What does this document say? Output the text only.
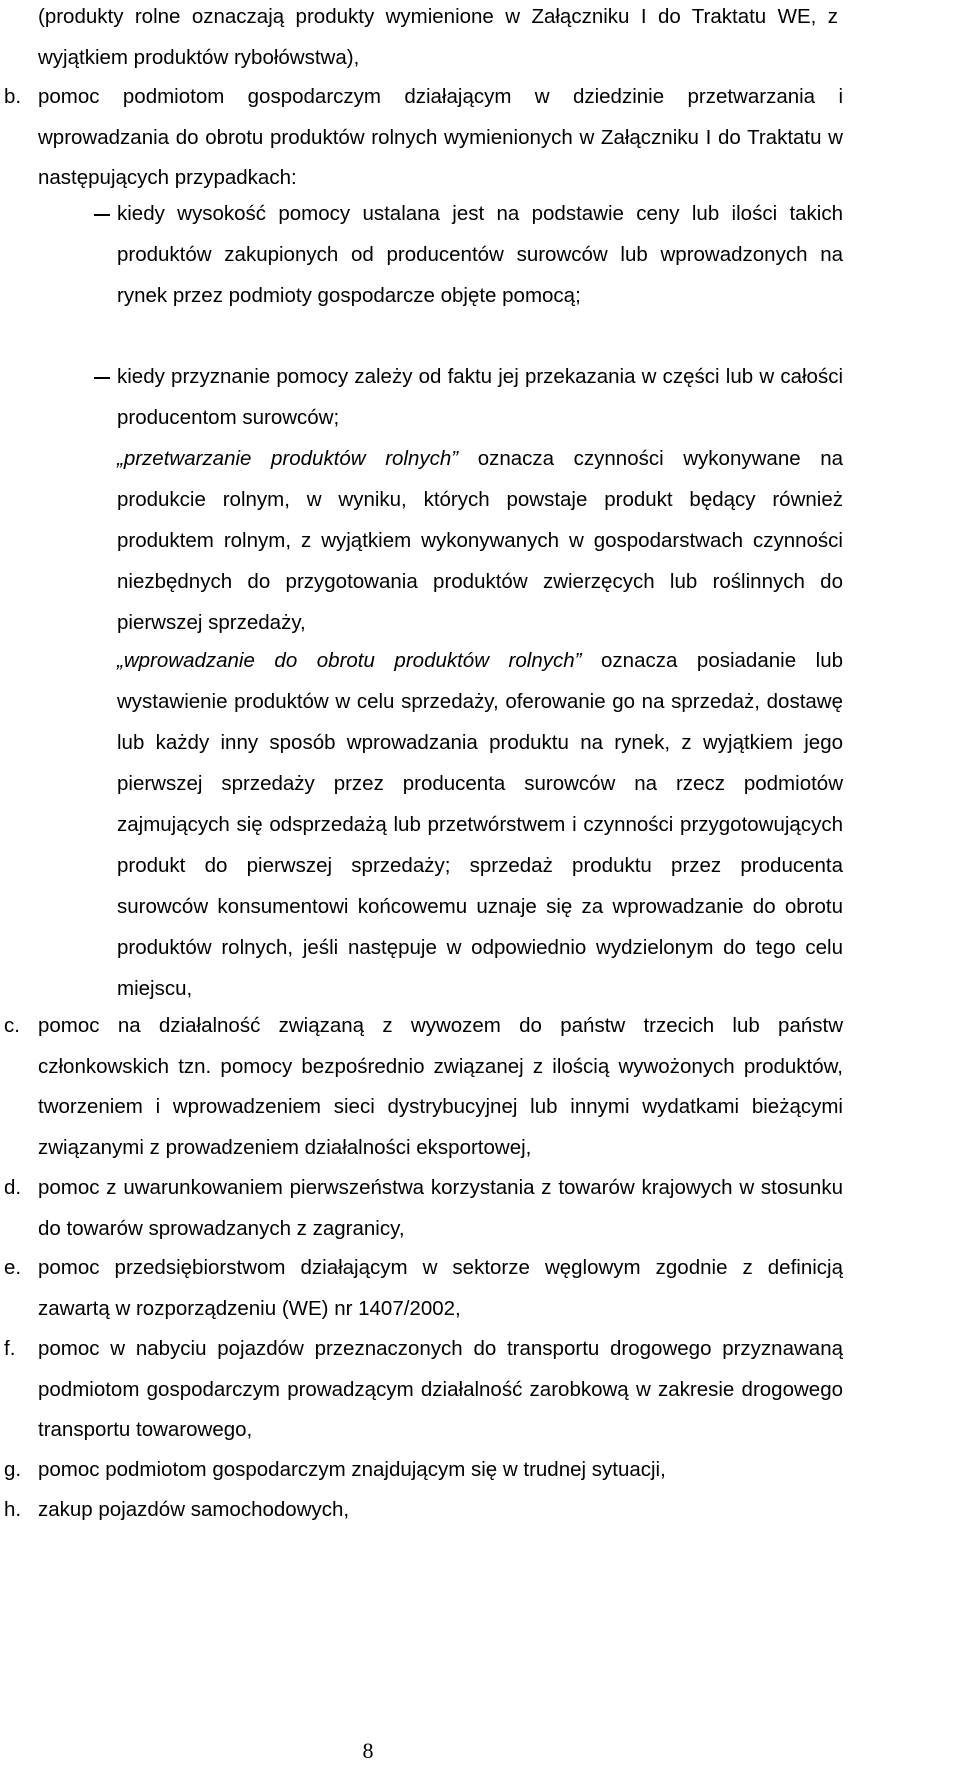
(produkty rolne oznaczają produkty wymienione w Załączniku I do Traktatu WE, z wyjątkiem produktów rybołówstwa),

b. pomoc podmiotom gospodarczym działającym w dziedzinie przetwarzania i wprowadzania do obrotu produktów rolnych wymienionych w Załączniku I do Traktatu w następujących przypadkach:

kiedy wysokość pomocy ustalana jest na podstawie ceny lub ilości takich produktów zakupionych od producentów surowców lub wprowadzonych na rynek przez podmioty gospodarcze objęte pomocą;

kiedy przyznanie pomocy zależy od faktu jej przekazania w części lub w całości producentom surowców;

„przetwarzanie produktów rolnych” oznacza czynności wykonywane na produkcie rolnym, w wyniku, których powstaje produkt będący również produktem rolnym, z wyjątkiem wykonywanych w gospodarstwach czynności niezbędnych do przygotowania produktów zwierzęcych lub roślinnych do pierwszej sprzedaży,

„wprowadzanie do obrotu produktów rolnych” oznacza posiadanie lub wystawienie produktów w celu sprzedaży, oferowanie go na sprzedaż, dostawę lub każdy inny sposób wprowadzania produktu na rynek, z wyjątkiem jego pierwszej sprzedaży przez producenta surowców na rzecz podmiotów zajmujących się odsprzedażą lub przetwórstwem i czynności przygotowujących produkt do pierwszej sprzedaży; sprzedaż produktu przez producenta surowców konsumentowi końcowemu uznaje się za wprowadzanie do obrotu produktów rolnych, jeśli następuje w odpowiednio wydzielonym do tego celu miejscu,

c. pomoc na działalność związaną z wywozem do państw trzecich lub państw członkowskich tzn. pomocy bezpośrednio związanej z ilością wywożonych produktów, tworzeniem i wprowadzeniem sieci dystrybucyjnej lub innymi wydatkami bieżącymi związanymi z prowadzeniem działalności eksportowej,

d. pomoc z uwarunkowaniem pierwszeństwa korzystania z towarów krajowych w stosunku do towarów sprowadzanych z zagranicy,

e. pomoc przedsiębiorstwom działającym w sektorze węglowym zgodnie z definicją zawartą w rozporządzeniu (WE) nr 1407/2002,

f. pomoc w nabyciu pojazdów przeznaczonych do transportu drogowego przyznawaną podmiotom gospodarczym prowadzącym działalność zarobkową w zakresie drogowego transportu towarowego,

g. pomoc podmiotom gospodarczym znajdującym się w trudnej sytuacji,

h. zakup pojazdów samochodowych,

8
